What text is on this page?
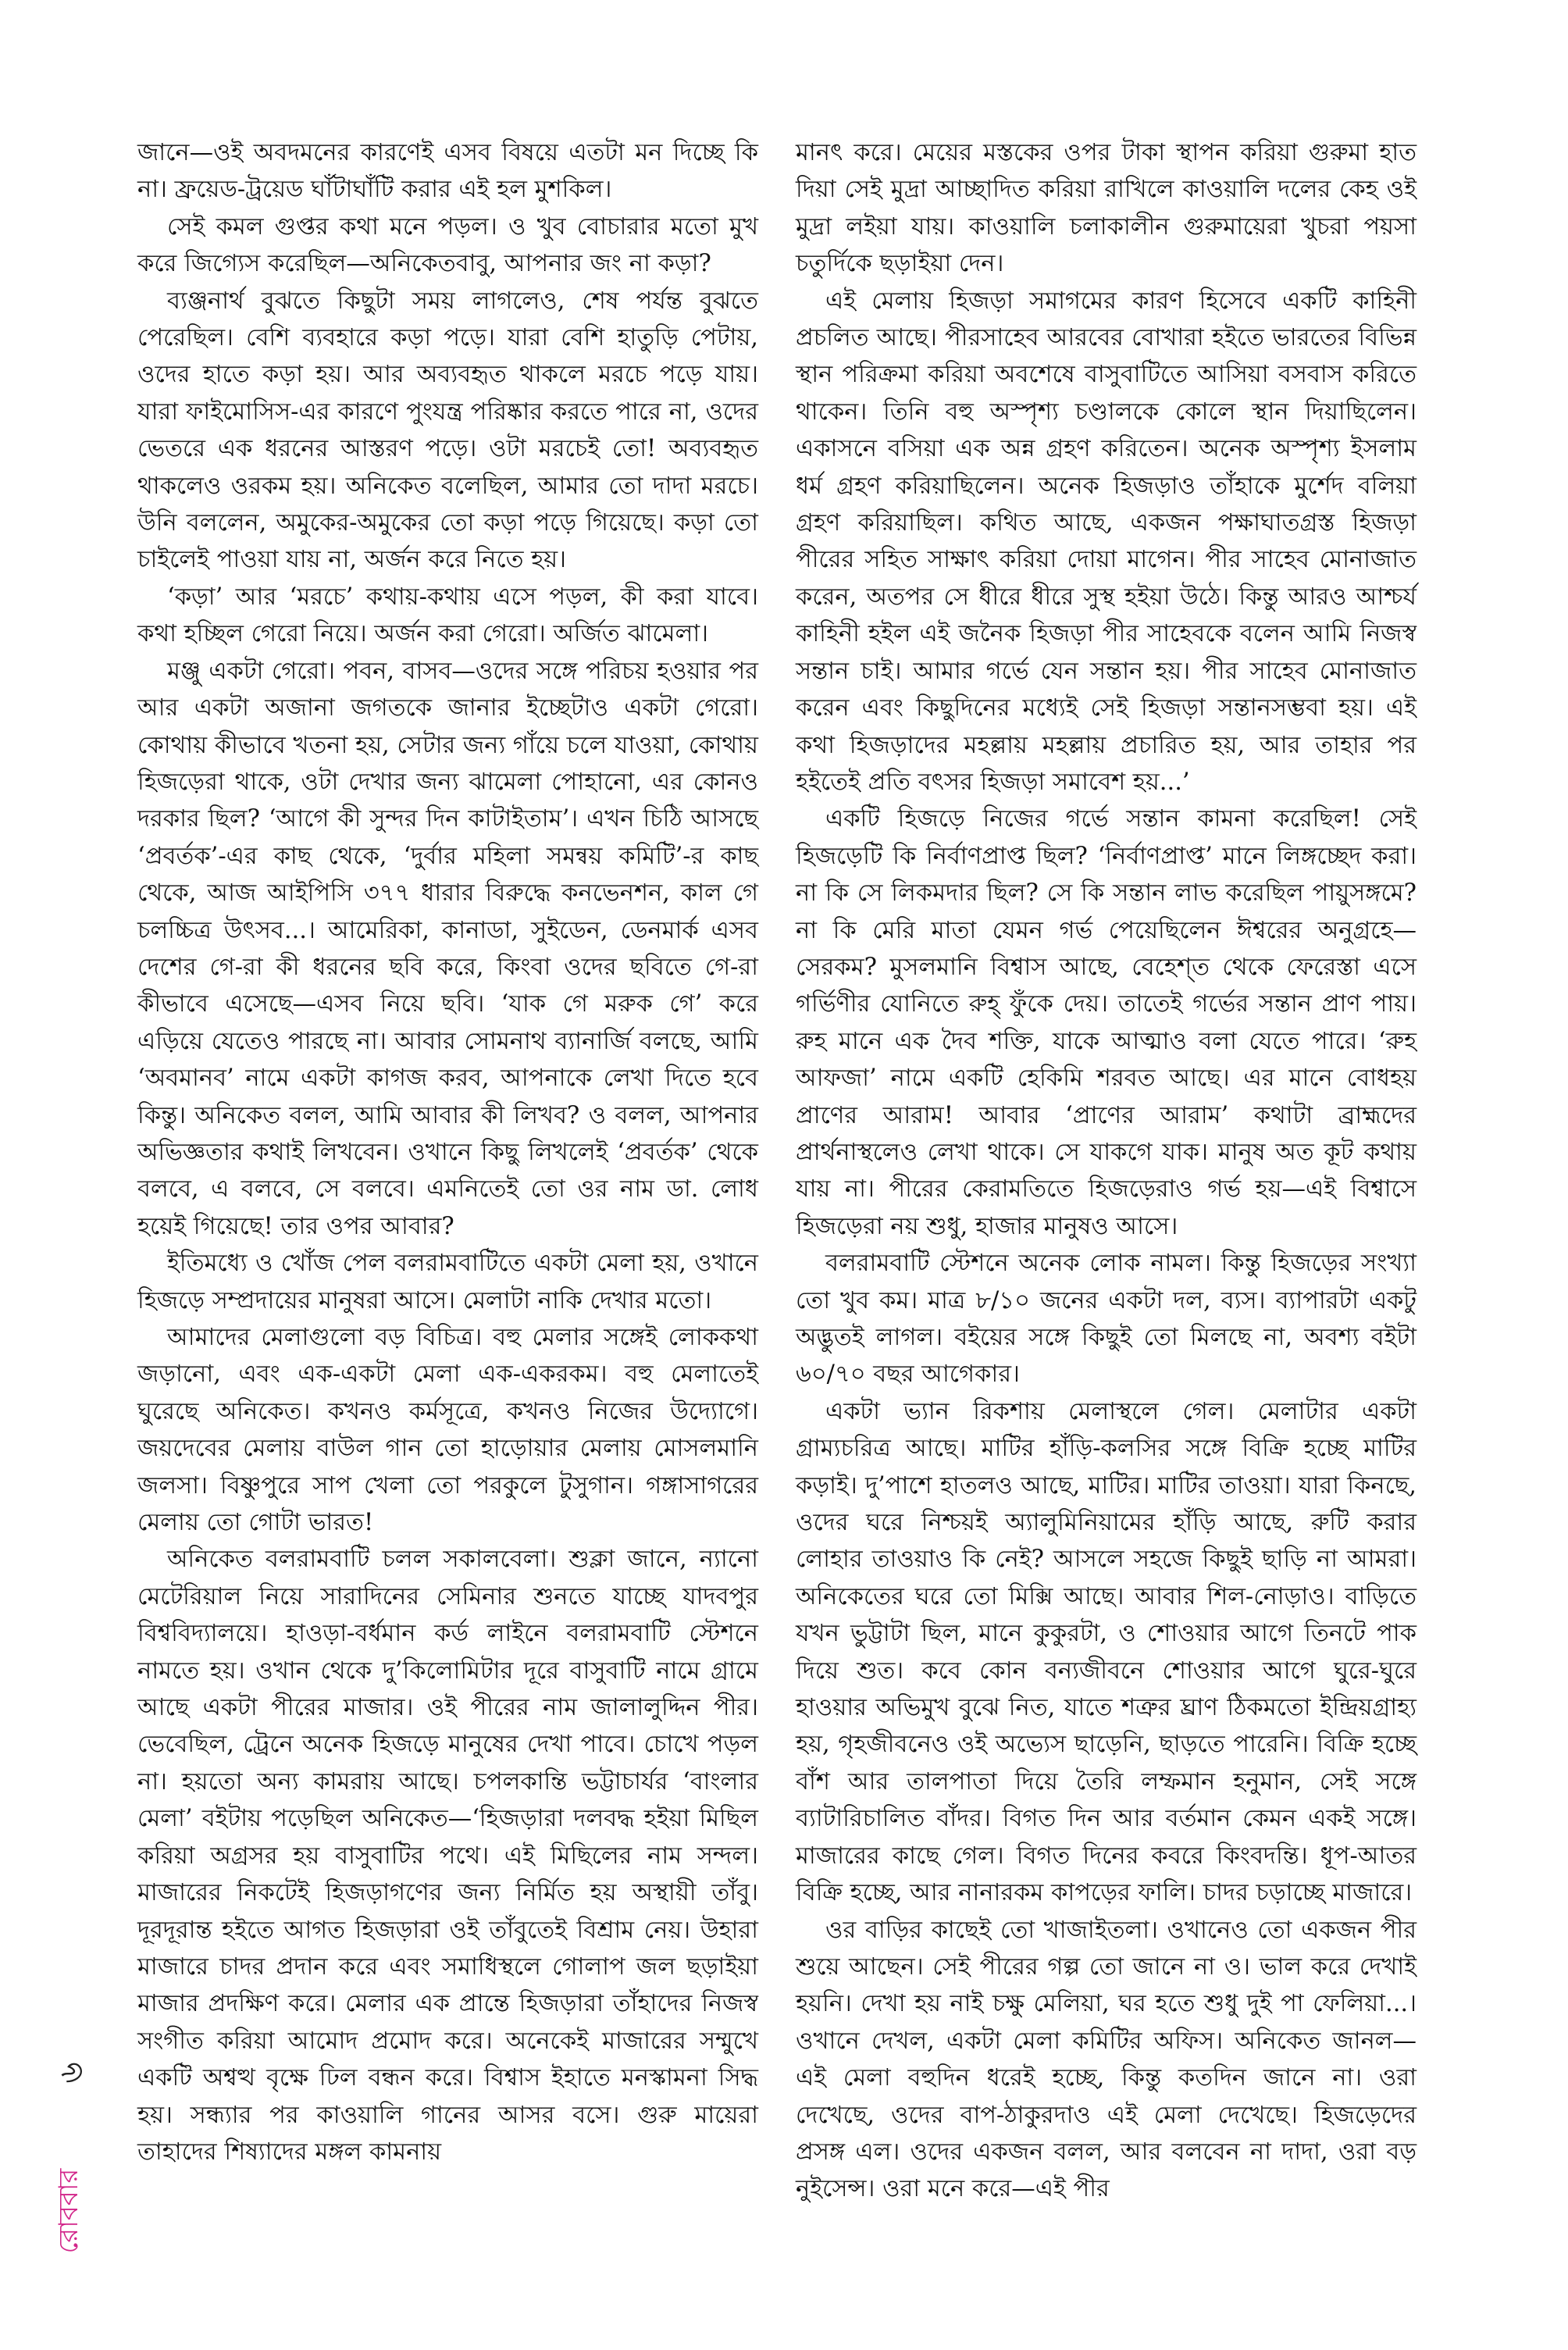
জানে—ওই অবদমনের কারণেই এসব বিষয়ে এতটা মন দিচ্ছে কি না। ফ্রয়েড-ট্রয়েড ঘাঁটাঘাঁটি করার এই হল মুশকিল।

সেই কমল গুপ্তর কথা মনে পড়ল। ও খুব বোচারার মতো মুখ করে জিগ্যেস করেছিল—অনিকেতবাবু, আপনার জং না কড়া?

ব্যঞ্জনার্থ বুঝতে কিছুটা সময় লাগলেও, শেষ পর্যন্ত বুঝতে পেরেছিল। বেশি ব্যবহারে কড়া পড়ে। যারা বেশি হাতুড়ি পেটায়, ওদের হাতে কড়া হয়। আর অব্যবহৃত থাকলে মরচে পড়ে যায়। যারা ফাইমোসিস-এর কারণে পুংযন্ত্র পরিষ্কার করতে পারে না, ওদের ভেতরে এক ধরনের আস্তরণ পড়ে। ওটা মরচেই তো! অব্যবহৃত থাকলেও ওরকম হয়। অনিকেত বলেছিল, আমার তো দাদা মরচে। উনি বললেন, অমুকের-অমুকের তো কড়া পড়ে গিয়েছে। কড়া তো চাইলেই পাওয়া যায় না, অর্জন করে নিতে হয়।

‘কড়া’ আর ‘মরচে’ কথায়-কথায় এসে পড়ল, কী করা যাবে। কথা হচ্ছিল গেরো নিয়ে। অর্জন করা গেরো। অর্জিত ঝামেলা।

মঞ্জু একটা গেরো। পবন, বাসব—ওদের সঙ্গে পরিচয় হওয়ার পর আর একটা অজানা জগতকে জানার ইচ্ছেটাও একটা গেরো। কোথায় কীভাবে খতনা হয়, সেটার জন্য গাঁয়ে চলে যাওয়া, কোথায় হিজড়েরা থাকে, ওটা দেখার জন্য ঝামেলা পোহানো, এর কোনও দরকার ছিল? ‘আগে কী সুন্দর দিন কাটাইতাম’। এখন চিঠি আসছে ‘প্রবর্তক’-এর কাছ থেকে, ‘দুর্বার মহিলা সমন্বয় কমিটি’-র কাছ থেকে, আজ আইপিসি ৩৭৭ ধারার বিরুদ্ধে কনভেনশন, কাল গে চলচ্চিত্র উৎসব...। আমেরিকা, কানাডা, সুইডেন, ডেনমার্ক এসব দেশের গে-রা কী ধরনের ছবি করে, কিংবা ওদের ছবিতে গে-রা কীভাবে এসেছে—এসব নিয়ে ছবি। ‘যাক গে মরুক গে’ করে এড়িয়ে যেতেও পারছে না। আবার সোমনাথ ব্যানার্জি বলছে, আমি ‘অবমানব’ নামে একটা কাগজ করব, আপনাকে লেখা দিতে হবে কিন্তু। অনিকেত বলল, আমি আবার কী লিখব? ও বলল, আপনার অভিজ্ঞতার কথাই লিখবেন। ওখানে কিছু লিখলেই ‘প্রবর্তক’ থেকে বলবে, এ বলবে, সে বলবে। এমনিতেই তো ওর নাম ডা. লোধ হয়েই গিয়েছে! তার ওপর আবার?

ইতিমধ্যে ও খোঁজ পেল বলরামবাটিতে একটা মেলা হয়, ওখানে হিজড়ে সম্প্রদায়ের মানুষরা আসে। মেলাটা নাকি দেখার মতো।

আমাদের মেলাগুলো বড় বিচিত্র। বহু মেলার সঙ্গেই লোককথা জড়ানো, এবং এক-একটা মেলা এক-একরকম। বহু মেলাতেই ঘুরেছে অনিকেত। কখনও কর্মসূত্রে, কখনও নিজের উদ্যোগে। জয়দেবের মেলায় বাউল গান তো হাড়োয়ার মেলায় মোসলমানি জলসা। বিষ্ণুপুরে সাপ খেলা তো পরকুলে টুসুগান। গঙ্গাসাগরের মেলায় তো গোটা ভারত!

অনিকেত বলরামবাটি চলল সকালবেলা। শুক্লা জানে, ন্যানো মেটেরিয়াল নিয়ে সারাদিনের সেমিনার শুনতে যাচ্ছে যাদবপুর বিশ্ববিদ্যালয়ে। হাওড়া-বর্ধমান কর্ড লাইনে বলরামবাটি স্টেশনে নামতে হয়। ওখান থেকে দু’কিলোমিটার দূরে বাসুবাটি নামে গ্রামে আছে একটা পীরের মাজার। ওই পীরের নাম জালালুদ্দিন পীর। ভেবেছিল, ট্রেনে অনেক হিজড়ে মানুষের দেখা পাবে। চোখে পড়ল না। হয়তো অন্য কামরায় আছে। চপলকান্তি ভট্টাচার্যর ‘বাংলার মেলা’ বইটায় পড়েছিল অনিকেত—‘হিজড়ারা দলবদ্ধ হইয়া মিছিল করিয়া অগ্রসর হয় বাসুবাটির পথে। এই মিছিলের নাম সন্দল। মাজারের নিকটেই হিজড়াগণের জন্য নির্মিত হয় অস্থায়ী তাঁবু। দূরদূরান্ত হইতে আগত হিজড়ারা ওই তাঁবুতেই বিশ্রাম নেয়। উহারা মাজারে চাদর প্রদান করে এবং সমাধিস্থলে গোলাপ জল ছড়াইয়া মাজার প্রদক্ষিণ করে। মেলার এক প্রান্তে হিজড়ারা তাঁহাদের নিজস্ব সংগীত করিয়া আমোদ প্রমোদ করে। অনেকেই মাজারের সম্মুখে একটি অশ্বত্থ বৃক্ষে ঢিল বন্ধন করে। বিশ্বাস ইহাতে মনস্কামনা সিদ্ধ হয়। সন্ধ্যার পর কাওয়ালি গানের আসর বসে। গুরু মায়েরা তাহাদের শিষ্যাদের মঙ্গল কামনায়

মানৎ করে। মেয়ের মস্তকের ওপর টাকা স্থাপন করিয়া গুরুমা হাত দিয়া সেই মুদ্রা আচ্ছাদিত করিয়া রাখিলে কাওয়ালি দলের কেহ ওই মুদ্রা লইয়া যায়। কাওয়ালি চলাকালীন গুরুমায়েরা খুচরা পয়সা চতুর্দিকে ছড়াইয়া দেন।

এই মেলায় হিজড়া সমাগমের কারণ হিসেবে একটি কাহিনী প্রচলিত আছে। পীরসাহেব আরবের বোখারা হইতে ভারতের বিভিন্ন স্থান পরিক্রমা করিয়া অবশেষে বাসুবাটিতে আসিয়া বসবাস করিতে থাকেন। তিনি বহু অস্পৃশ্য চণ্ডালকে কোলে স্থান দিয়াছিলেন। একাসনে বসিয়া এক অন্ন গ্রহণ করিতেন। অনেক অস্পৃশ্য ইসলাম ধর্ম গ্রহণ করিয়াছিলেন। অনেক হিজড়াও তাঁহাকে মুর্শেদ বলিয়া গ্রহণ করিয়াছিল। কথিত আছে, একজন পক্ষাঘাতগ্রস্ত হিজড়া পীরের সহিত সাক্ষাৎ করিয়া দোয়া মাগেন। পীর সাহেব মোনাজাত করেন, অতপর সে ধীরে ধীরে সুস্থ হইয়া উঠে। কিন্তু আরও আশ্চর্য কাহিনী হইল এই জনৈক হিজড়া পীর সাহেবকে বলেন আমি নিজস্ব সন্তান চাই। আমার গর্ভে যেন সন্তান হয়। পীর সাহেব মোনাজাত করেন এবং কিছুদিনের মধ্যেই সেই হিজড়া সন্তানসম্ভবা হয়। এই কথা হিজড়াদের মহল্লায় মহল্লায় প্রচারিত হয়, আর তাহার পর হইতেই প্রতি বৎসর হিজড়া সমাবেশ হয়...’

একটি হিজড়ে নিজের গর্ভে সন্তান কামনা করেছিল! সেই হিজড়েটি কি নির্বাণপ্রাপ্ত ছিল? ‘নির্বাণপ্রাপ্ত’ মানে লিঙ্গচ্ছেদ করা। না কি সে লিকমদার ছিল? সে কি সন্তান লাভ করেছিল পায়ুসঙ্গমে? না কি মেরি মাতা যেমন গর্ভ পেয়েছিলেন ঈশ্বরের অনুগ্রহে—সেরকম? মুসলমানি বিশ্বাস আছে, বেহেশ্‌ত থেকে ফেরেস্তা এসে গর্ভিণীর যোনিতে রুহ্‌ ফুঁকে দেয়। তাতেই গর্ভের সন্তান প্রাণ পায়। রুহ মানে এক দৈব শক্তি, যাকে আত্মাও বলা যেতে পারে। ‘রুহ আফজা’ নামে একটি হেকিমি শরবত আছে। এর মানে বোধহয় প্রাণের আরাম! আবার ‘প্রাণের আরাম’ কথাটা ব্রাহ্মদের প্রার্থনাস্থলেও লেখা থাকে। সে যাকগে যাক। মানুষ অত কূট কথায় যায় না। পীরের কেরামতিতে হিজড়েরাও গর্ভ হয়—এই বিশ্বাসে হিজড়েরা নয় শুধু, হাজার মানুষও আসে।

বলরামবাটি স্টেশনে অনেক লোক নামল। কিন্তু হিজড়ের সংখ্যা তো খুব কম। মাত্র ৮/১০ জনের একটা দল, ব্যস। ব্যাপারটা একটু অদ্ভুতই লাগল। বইয়ের সঙ্গে কিছুই তো মিলছে না, অবশ্য বইটা ৬০/৭০ বছর আগেকার।

একটা ভ্যান রিকশায় মেলাস্থলে গেল। মেলাটার একটা গ্রাম্যচরিত্র আছে। মাটির হাঁড়ি-কলসির সঙ্গে বিক্রি হচ্ছে মাটির কড়াই। দু’পাশে হাতলও আছে, মাটির। মাটির তাওয়া। যারা কিনছে, ওদের ঘরে নিশ্চয়ই অ্যালুমিনিয়ামের হাঁড়ি আছে, রুটি করার লোহার তাওয়াও কি নেই? আসলে সহজে কিছুই ছাড়ি না আমরা। অনিকেতের ঘরে তো মিক্সি আছে। আবার শিল-নোড়াও। বাড়িতে যখন ভুট্টাটা ছিল, মানে কুকুরটা, ও শোওয়ার আগে তিনটে পাক দিয়ে শুত। কবে কোন বন্যজীবনে শোওয়ার আগে ঘুরে-ঘুরে হাওয়ার অভিমুখ বুঝে নিত, যাতে শত্রুর ঘ্রাণ ঠিকমতো ইন্দ্রিয়গ্রাহ্য হয়, গৃহজীবনেও ওই অভ্যেস ছাড়েনি, ছাড়তে পারেনি। বিক্রি হচ্ছে বাঁশ আর তালপাতা দিয়ে তৈরি লম্ফমান হনুমান, সেই সঙ্গে ব্যাটারিচালিত বাঁদর। বিগত দিন আর বর্তমান কেমন একই সঙ্গে। মাজারের কাছে গেল। বিগত দিনের কবরে কিংবদন্তি। ধূপ-আতর বিক্রি হচ্ছে, আর নানারকম কাপড়ের ফালি। চাদর চড়াচ্ছে মাজারে।

ওর বাড়ির কাছেই তো খাজাইতলা। ওখানেও তো একজন পীর শুয়ে আছেন। সেই পীরের গল্প তো জানে না ও। ভাল করে দেখাই হয়নি। দেখা হয় নাই চক্ষু মেলিয়া, ঘর হতে শুধু দুই পা ফেলিয়া...। ওখানে দেখল, একটা মেলা কমিটির অফিস। অনিকেত জানল—এই মেলা বহুদিন ধরেই হচ্ছে, কিন্তু কতদিন জানে না। ওরা দেখেছে, ওদের বাপ-ঠাকুরদাও এই মেলা দেখেছে। হিজড়েদের প্রসঙ্গ এল। ওদের একজন বলল, আর বলবেন না দাদা, ওরা বড় নুইসেন্স। ওরা মনে করে—এই পীর

৬
রোববার
